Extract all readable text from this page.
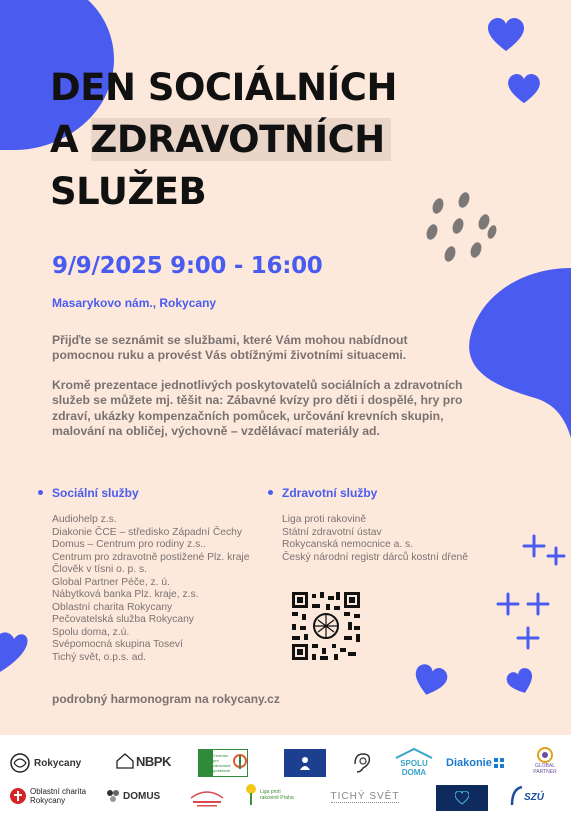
DEN SOCIÁLNÍCH
A ZDRAVOTNÍCH
SLUŽEB
9/9/2025 9:00 - 16:00
Masarykovo nám., Rokycany

Přijďte se seznámit se službami, které Vám mohou nabídnout pomocnou ruku a provést Vás obtížnými životními situacemi.

Kromě prezentace jednotlivých poskytovatelů sociálních a zdravotních služeb se můžete mj. těšit na: Zábavné kvízy pro děti i dospělé, hry pro zdraví, ukázky kompenzačních pomůcek, určování krevních skupin, malování na obličej, výchovně – vzdělávací materiály ad.

Sociální služby
Audiohelp z.s.
Diakonie ČCE – středisko Západní Čechy
Domus – Centrum pro rodiny z.s..
Centrum pro zdravotně postižené Plz. kraje
Člověk v tísni o. p. s.
Global Partner Péče, z. ú.
Nábytková banka Plz. kraje, z.s.
Oblastní charita Rokycany
Pečovatelská služba Rokycany
Spolu doma, z.ú.
Svépomocná skupina Toseví
Tichý svět, o.p.s. ad.
Zdravotní služby
Liga proti rakovině
Státní zdravotní ústav
Rokycanská nemocnice a. s.
Český národní registr dárců kostní dřeně
podrobný harmonogram na rokycany.cz
Rokycany	NBPK	Centrum pro zdravotně postižené
SPOLU
DOMA
Diakonie	GLOBAL PARTNER
Oblastní charita
Rokycany	DOMUS	Liga proti rakovině Praha	TICHÝ SVĚT	SZÚ
